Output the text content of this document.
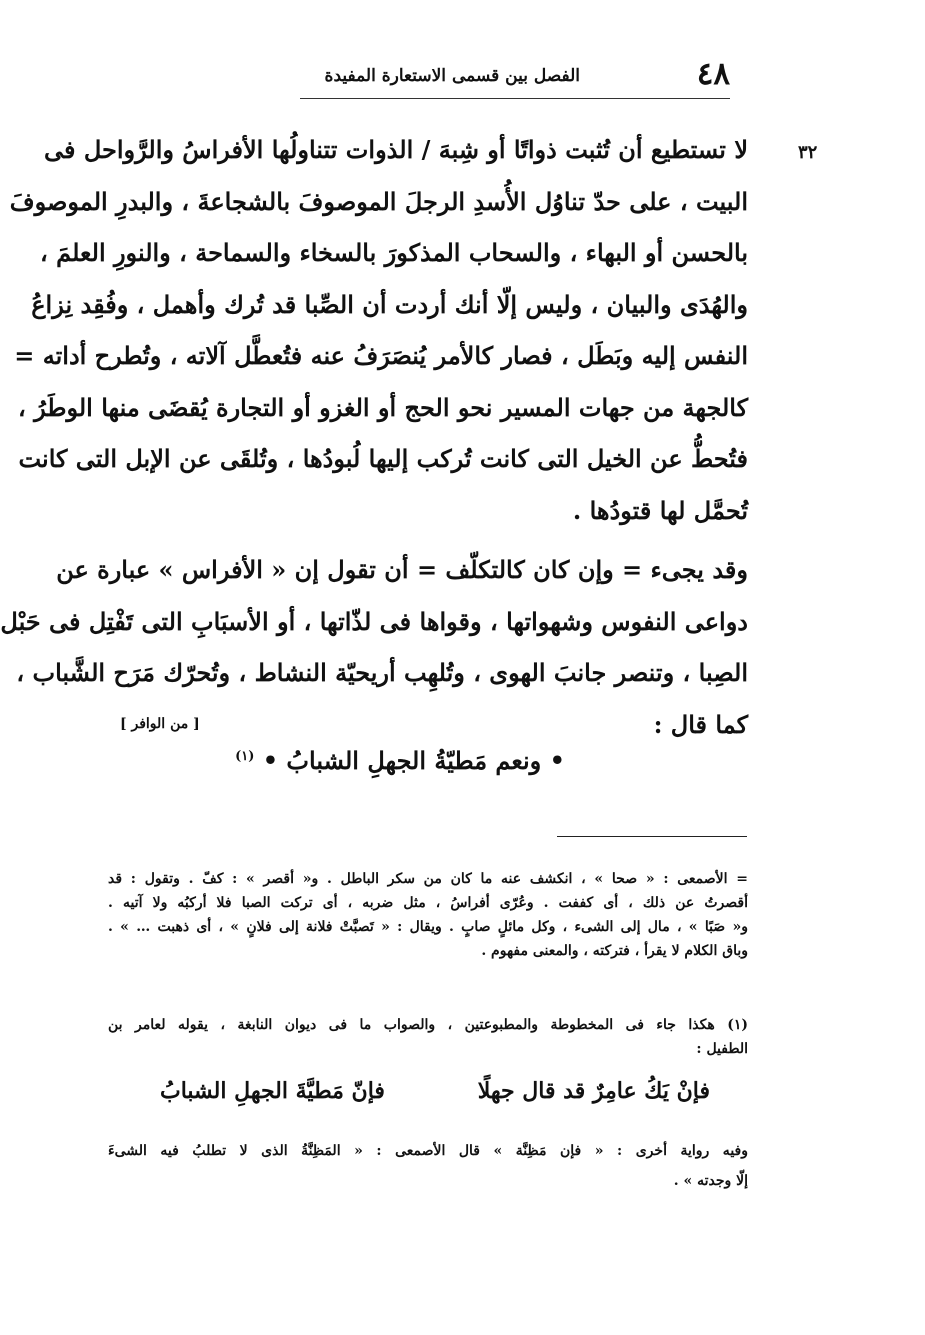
٤٨
الفصل بين قسمى الاستعارة المفيدة
٣٢
لا تستطيع أن تُثبت ذواتًا أو شِبهَ / الذوات تتناولُها الأفراسُ والرَّواحل فى
البيت ، على حدّ تناوُل الأُسدِ الرجلَ الموصوفَ بالشجاعةَ ، والبدرِ الموصوفَ
بالحسن أو البهاء ، والسحاب المذكورَ بالسخاء والسماحة ، والنورِ العلمَ ،
والهُدَى والبيان ، وليس إلّا أنك أردت أن الصِّبا قد تُرك وأهمل ، وفُقِد نِزاعُ
النفس إليه وبَطَل ، فصار كالأمر يُنصَرَفُ عنه فتُعطَّل آلاته ، وتُطرح أداته =
كالجهة من جهات المسير نحو الحج أو الغزو أو التجارة يُقضَى منها الوطَرُ ،
فتُحطُّ عن الخيل التى كانت تُركب إليها لُبودُها ، وتُلقَى عن الإبل التى كانت
تُحمَّل لها قتودُها .
وقد يجىء = وإن كان كالتكلّف = أن تقول إن « الأفراس » عبارة عن
دواعى النفوس وشهواتها ، وقواها فى لذّاتها ، أو الأسبَابِ التى تَفْتِل فى حَبْل
الصِبا ، وتنصر جانبَ الهوى ، وتُلهِب أريحيّة النشاط ، وتُحرّك مَرَح الشَّباب ،
كما قال :
[ من الوافر ]
• ونعم مَطيّةُ الجهلِ الشبابُ • $^{(١)}$
= الأصمعى : « صحا » ، انكشف عنه ما كان من سكر الباطل . و« أقصر » : كفّ . وتقول : قد
أقصرتُ عن ذلك ، أى كففت . وعُرّى أفراسُ ، مثل ضربه ، أى تركت الصبا فلا أركبُه ولا آتيه .
و« صَبًا » ، مال إلى الشىء ، وكل مائلٍ صابٍ . ويقال : « تَصبَّتْ فلانة إلى فلانٍ » ، أى ذهبت … » .
وباق الكلام لا يقرأ ، فتركته ، والمعنى مفهوم .
(١) هكذا جاء فى المخطوطة والمطبوعتين ، والصواب ما فى ديوان النابغة ، يقوله لعامر بن
الطفيل :
فإنْ يَكُ عامِرٌ قد قال جهلًا
فإنّ مَطيَّةَ الجهلِ الشبابُ
وفيه رواية أخرى : « فإن مَظِنَّة » قال الأصمعى : « المَظِنَّةُ الذى لا تطلبُ فيه الشىءَ
إلّا وجدته » .
